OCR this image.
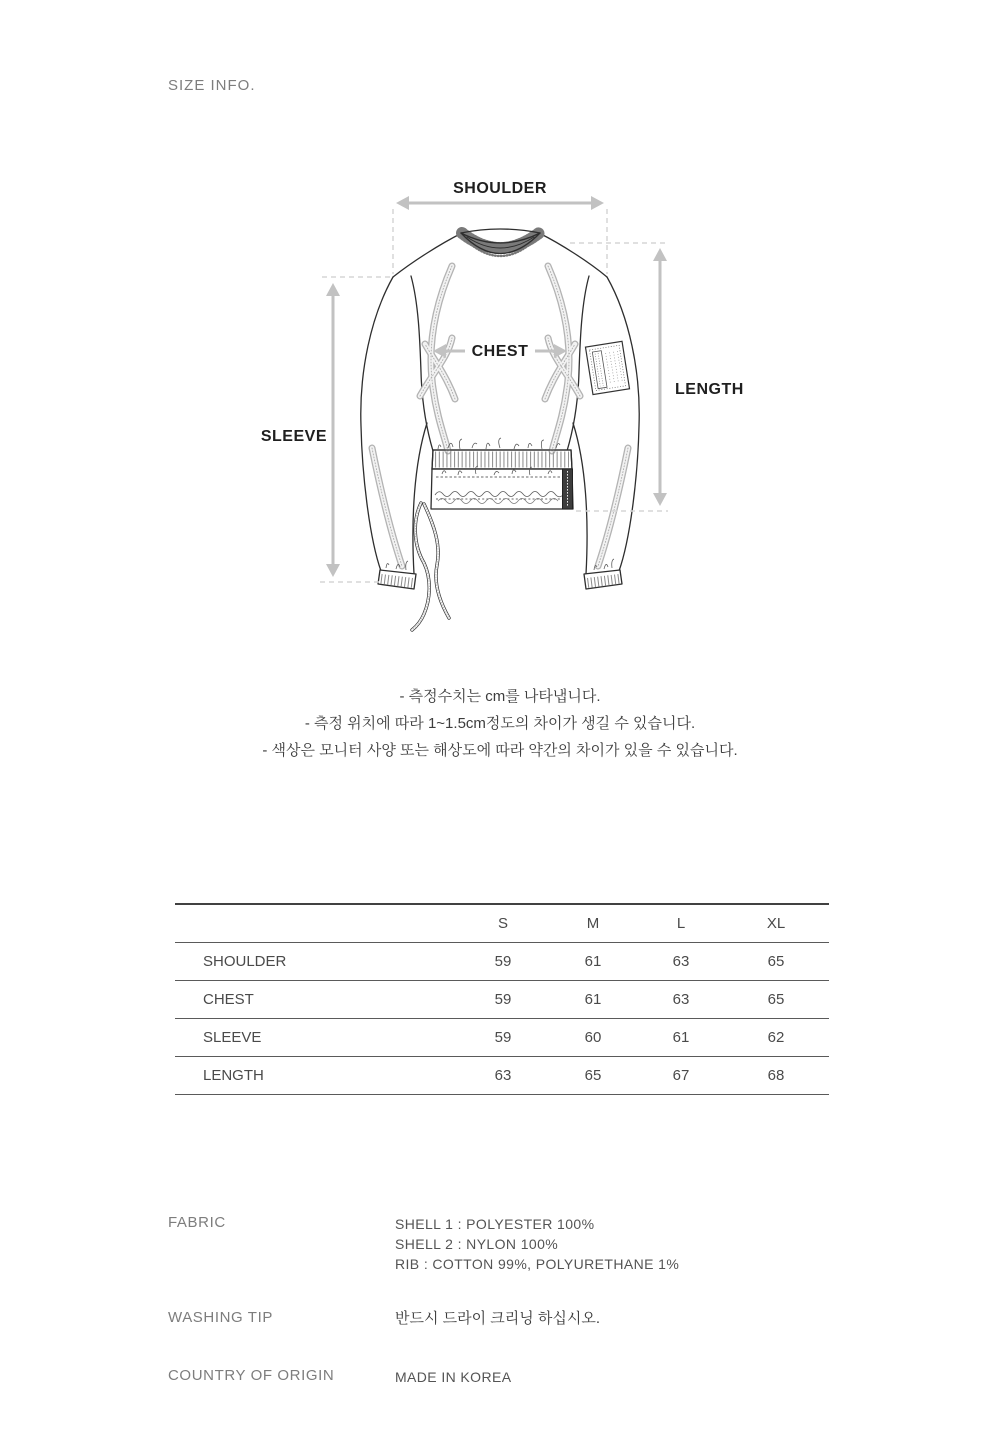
SIZE INFO.
SHOULDER
CHEST
LENGTH
SLEEVE
- 측정수치는 cm를 나타냅니다.
- 측정 위치에 따라 1~1.5cm정도의 차이가 생길 수 있습니다.
- 색상은 모니터 사양 또는 해상도에 따라 약간의 차이가 있을 수 있습니다.
	S	M	L	XL
SHOULDER	59	61	63	65
CHEST	59	61	63	65
SLEEVE	59	60	61	62
LENGTH	63	65	67	68
FABRIC	SHELL 1 : POLYESTER 100%
SHELL 2 : NYLON 100%
RIB : COTTON 99%, POLYURETHANE 1%
WASHING TIP	반드시 드라이 크리닝 하십시오.
COUNTRY OF ORIGIN	MADE IN KOREA
